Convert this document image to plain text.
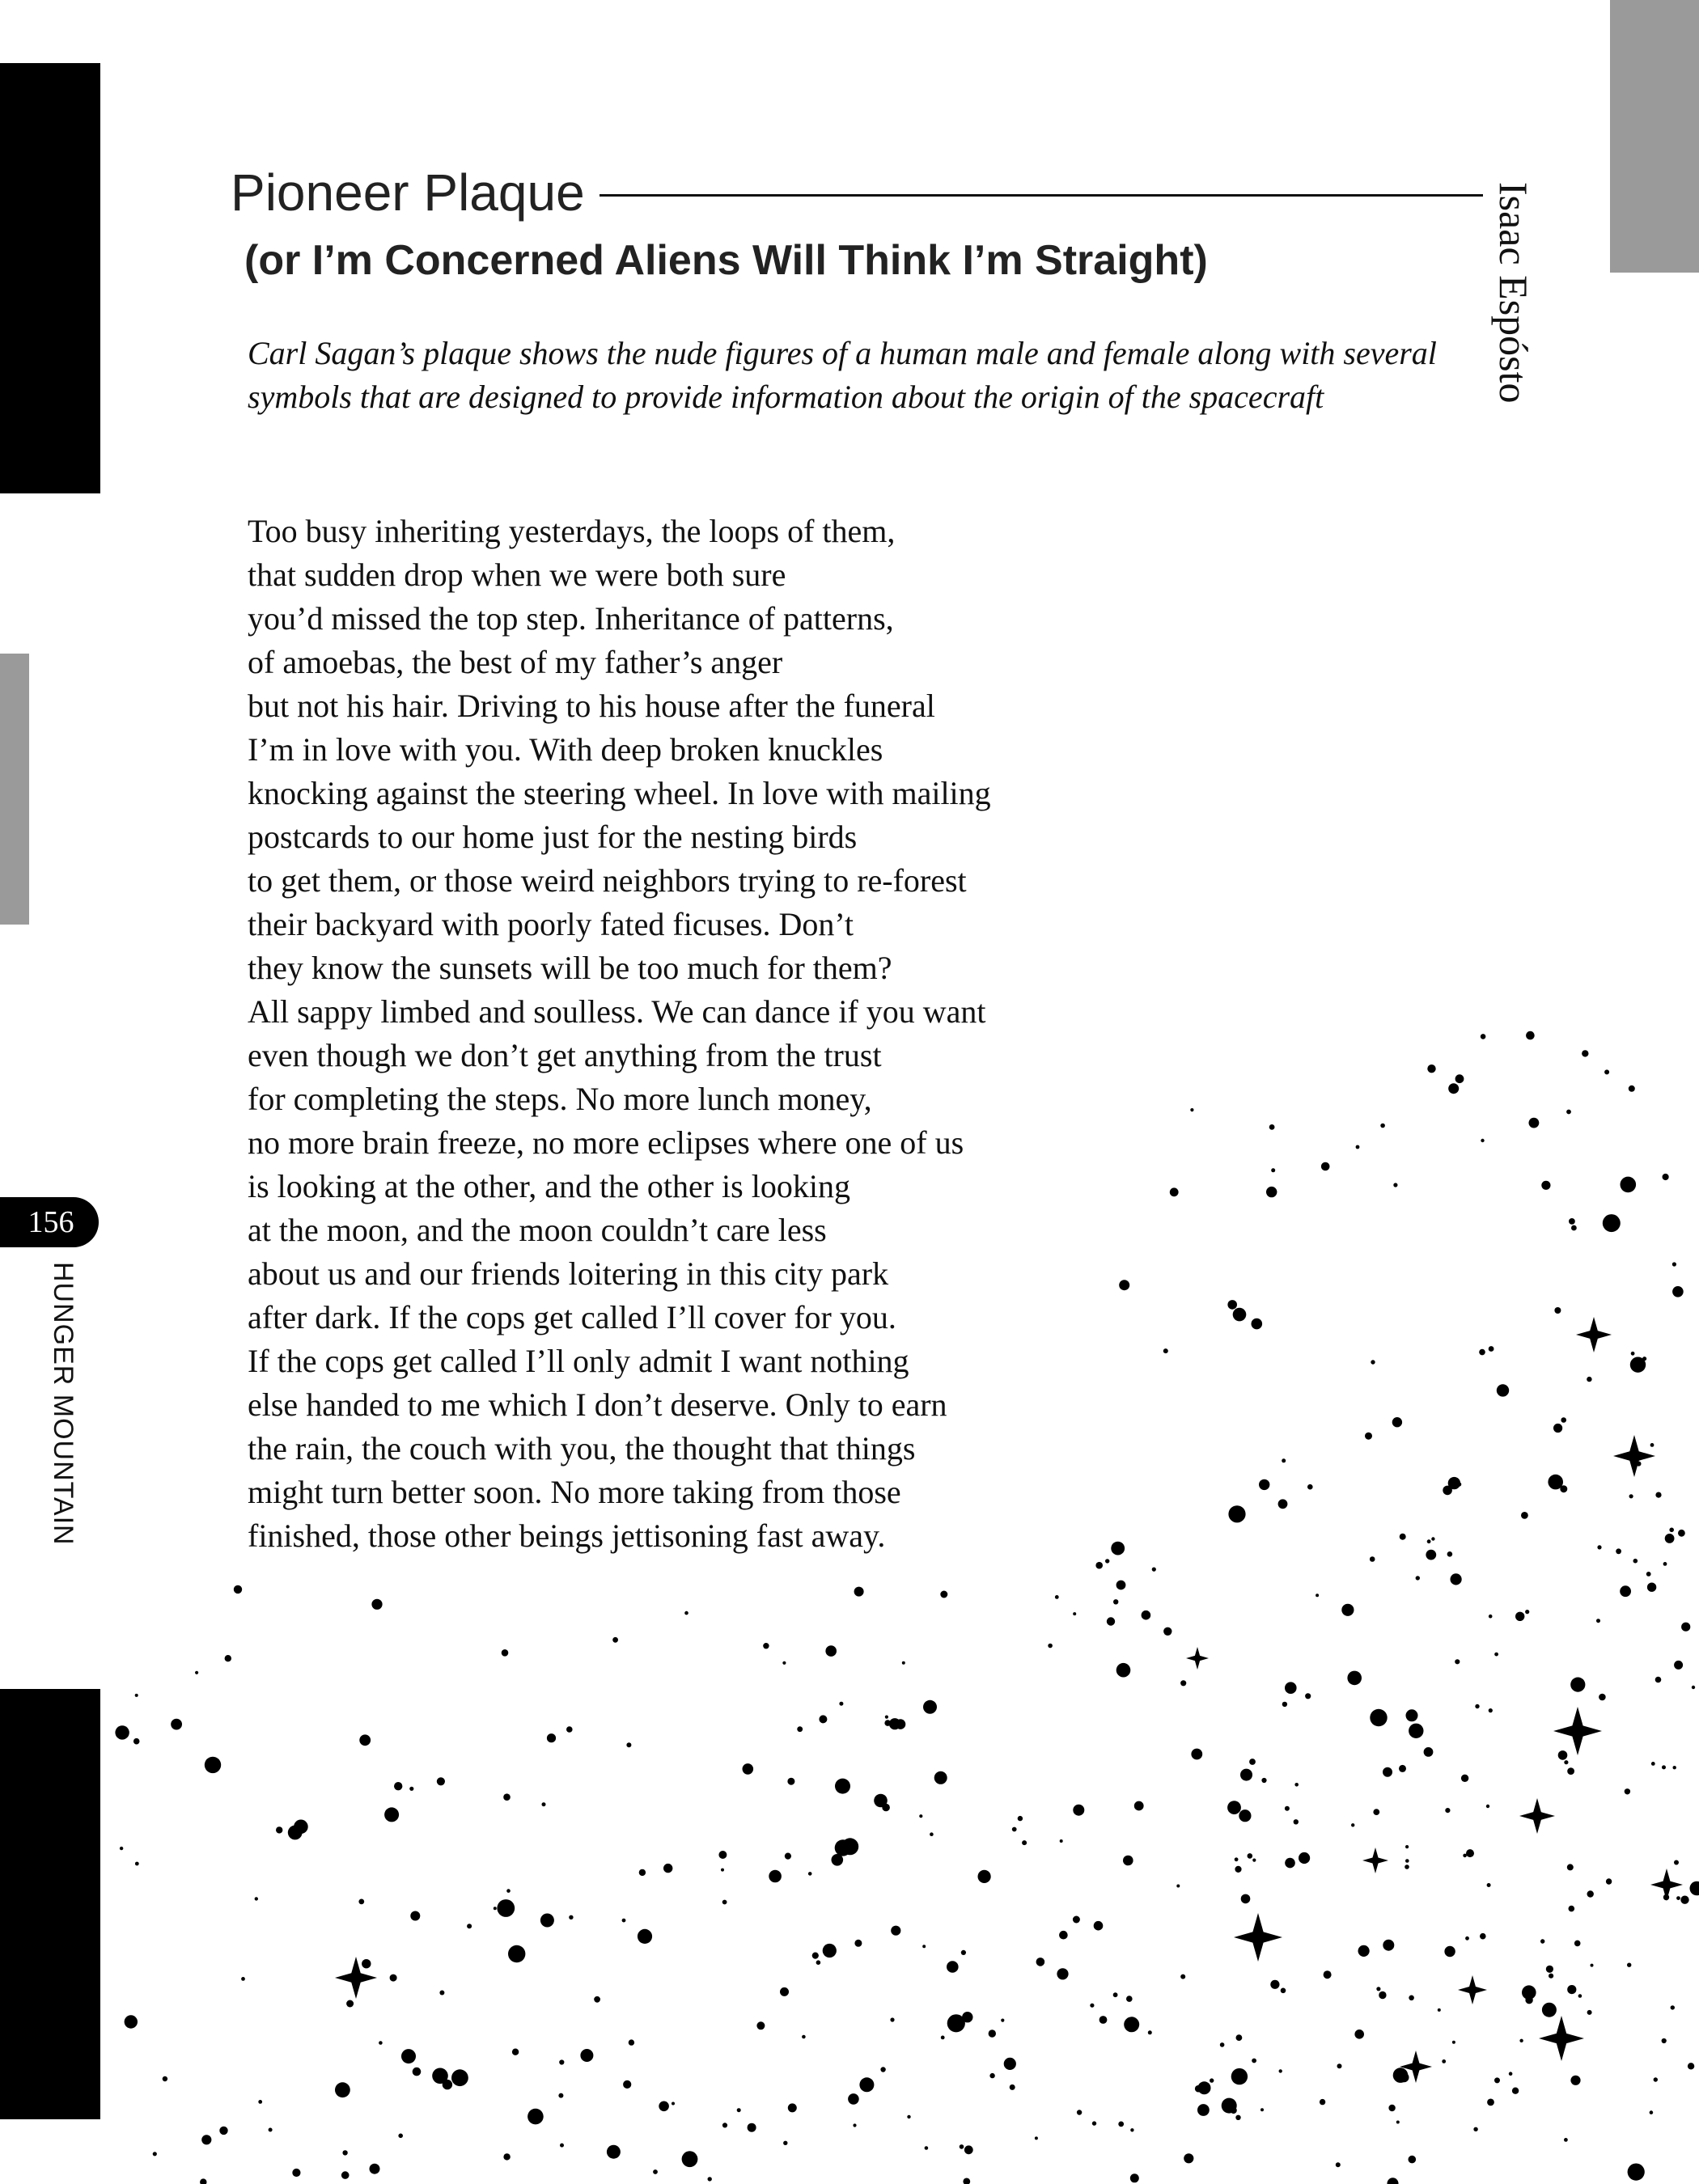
156
HUNGER MOUNTAIN
Pioneer Plaque
(or I’m Concerned Aliens Will Think I’m Straight)	Isaac Espósto

Carl Sagan’s plaque shows the nude figures of a human male and female along with several symbols that are designed to provide information about the origin of the spacecraft

Too busy inheriting yesterdays, the loops of them,
that sudden drop when we were both sure
you’d missed the top step. Inheritance of patterns,
of amoebas, the best of my father’s anger
but not his hair. Driving to his house after the funeral
I’m in love with you. With deep broken knuckles
knocking against the steering wheel. In love with mailing
postcards to our home just for the nesting birds
to get them, or those weird neighbors trying to re-forest
their backyard with poorly fated ficuses. Don’t
they know the sunsets will be too much for them?
All sappy limbed and soulless. We can dance if you want
even though we don’t get anything from the trust
for completing the steps. No more lunch money,
no more brain freeze, no more eclipses where one of us
is looking at the other, and the other is looking
at the moon, and the moon couldn’t care less
about us and our friends loitering in this city park
after dark. If the cops get called I’ll cover for you.
If the cops get called I’ll only admit I want nothing
else handed to me which I don’t deserve. Only to earn
the rain, the couch with you, the thought that things
might turn better soon. No more taking from those
finished, those other beings jettisoning fast away.
